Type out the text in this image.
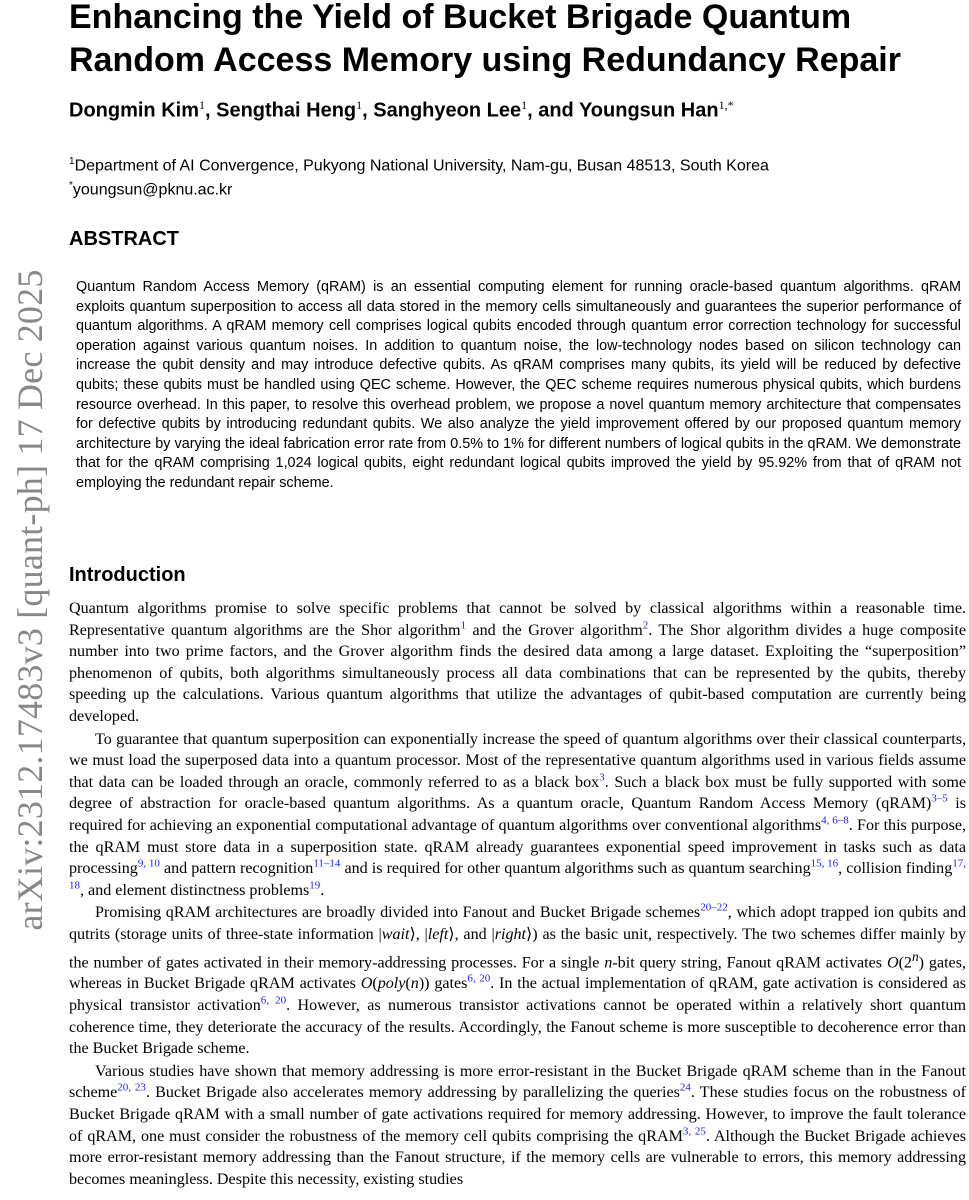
arXiv:2312.17483v3 [quant-ph] 17 Dec 2025
Enhancing the Yield of Bucket Brigade Quantum Random Access Memory using Redundancy Repair
Dongmin Kim$^1$, Sengthai Heng$^1$, Sanghyeon Lee$^1$, and Youngsun Han$^{1,*}$
$^1$Department of AI Convergence, Pukyong National University, Nam-gu, Busan 48513, South Korea
*youngsun@pknu.ac.kr
ABSTRACT

Quantum Random Access Memory (qRAM) is an essential computing element for running oracle-based quantum algorithms. qRAM exploits quantum superposition to access all data stored in the memory cells simultaneously and guarantees the superior performance of quantum algorithms. A qRAM memory cell comprises logical qubits encoded through quantum error correction technology for successful operation against various quantum noises. In addition to quantum noise, the low-technology nodes based on silicon technology can increase the qubit density and may introduce defective qubits. As qRAM comprises many qubits, its yield will be reduced by defective qubits; these qubits must be handled using QEC scheme. However, the QEC scheme requires numerous physical qubits, which burdens resource overhead. In this paper, to resolve this overhead problem, we propose a novel quantum memory architecture that compensates for defective qubits by introducing redundant qubits. We also analyze the yield improvement offered by our proposed quantum memory architecture by varying the ideal fabrication error rate from 0.5% to 1% for different numbers of logical qubits in the qRAM. We demonstrate that for the qRAM comprising 1,024 logical qubits, eight redundant logical qubits improved the yield by 95.92% from that of qRAM not employing the redundant repair scheme.

Introduction

Quantum algorithms promise to solve specific problems that cannot be solved by classical algorithms within a reasonable time. Representative quantum algorithms are the Shor algorithm$^1$ and the Grover algorithm$^2$. The Shor algorithm divides a huge composite number into two prime factors, and the Grover algorithm finds the desired data among a large dataset. Exploiting the “superposition” phenomenon of qubits, both algorithms simultaneously process all data combinations that can be represented by the qubits, thereby speeding up the calculations. Various quantum algorithms that utilize the advantages of qubit-based computation are currently being developed.

To guarantee that quantum superposition can exponentially increase the speed of quantum algorithms over their classical counterparts, we must load the superposed data into a quantum processor. Most of the representative quantum algorithms used in various fields assume that data can be loaded through an oracle, commonly referred to as a black box$^3$. Such a black box must be fully supported with some degree of abstraction for oracle-based quantum algorithms. As a quantum oracle, Quantum Random Access Memory (qRAM)$^{3-5}$ is required for achieving an exponential computational advantage of quantum algorithms over conventional algorithms$^{4, 6-8}$. For this purpose, the qRAM must store data in a superposition state. qRAM already guarantees exponential speed improvement in tasks such as data processing$^{9, 10}$ and pattern recognition$^{11-14}$ and is required for other quantum algorithms such as quantum searching$^{15, 16}$, collision finding$^{17, 18}$, and element distinctness problems$^{19}$.

Promising qRAM architectures are broadly divided into Fanout and Bucket Brigade schemes$^{20-22}$, which adopt trapped ion qubits and qutrits (storage units of three-state information |wait⟩, |left⟩, and |right⟩) as the basic unit, respectively. The two schemes differ mainly by the number of gates activated in their memory-addressing processes. For a single n-bit query string, Fanout qRAM activates O(2$^n$) gates, whereas in Bucket Brigade qRAM activates O(poly(n)) gates$^{6, 20}$. In the actual implementation of qRAM, gate activation is considered as physical transistor activation$^{6, 20}$. However, as numerous transistor activations cannot be operated within a relatively short quantum coherence time, they deteriorate the accuracy of the results. Accordingly, the Fanout scheme is more susceptible to decoherence error than the Bucket Brigade scheme.

Various studies have shown that memory addressing is more error-resistant in the Bucket Brigade qRAM scheme than in the Fanout scheme$^{20, 23}$. Bucket Brigade also accelerates memory addressing by parallelizing the queries$^{24}$. These studies focus on the robustness of Bucket Brigade qRAM with a small number of gate activations required for memory addressing. However, to improve the fault tolerance of qRAM, one must consider the robustness of the memory cell qubits comprising the qRAM$^{3, 25}$. Although the Bucket Brigade achieves more error-resistant memory addressing than the Fanout structure, if the memory cells are vulnerable to errors, this memory addressing becomes meaningless. Despite this necessity, existing studies
